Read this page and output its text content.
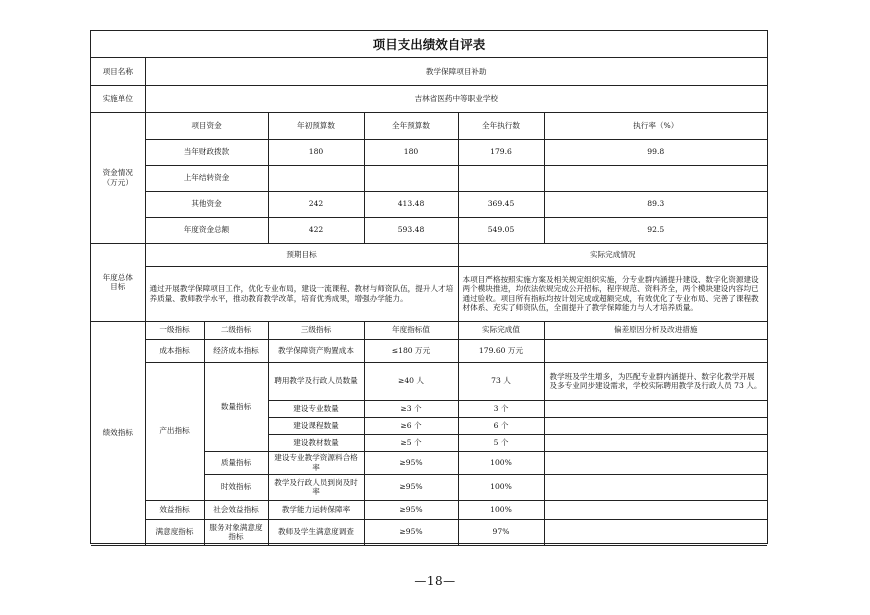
项目支出绩效自评表
项目名称	教学保障项目补助					
实施单位	吉林省医药中等职业学校					
资金情况
（万元）	项目资金		年初预算数	全年预算数	全年执行数	执行率（%）
	当年财政拨款		180	180	179.6	99.8
	上年结转资金					
	其他资金		242	413.48	369.45	89.3
	年度资金总额		422	593.48	549.05	92.5
年度总体
目标	预期目标				实际完成情况	
	通过开展教学保障项目工作，优化专业布局，建设一流课程、教材与师资队伍，提升人才培养质量、教师教学水平，推动教育教学改革，培育优秀成果，增强办学能力。				本项目严格按照实施方案及相关规定组织实施，分专业群内涵提升建设、数字化资源建设两个模块推进，均依法依规完成公开招标，程序规范、资料齐全，两个模块建设内容均已通过验收。项目所有指标均按计划完成或超额完成，有效优化了专业布局、完善了课程教材体系、充实了师资队伍，全面提升了教学保障能力与人才培养质量。	
绩效指标	一级指标	二级指标	三级指标	年度指标值	实际完成值	偏差原因分析及改进措施
	成本指标	经济成本指标	教学保障资产购置成本	≤180 万元	179.60 万元	
	产出指标	数量指标	聘用教学及行政人员数量	≥40 人	73 人	教学班及学生增多，为匹配专业群内涵提升、数字化教学开展及多专业同步建设需求，学校实际聘用教学及行政人员 73 人。
			建设专业数量	≥3 个	3 个	
			建设课程数量	≥6 个	6 个	
			建设教材数量	≥5 个	5 个	
		质量指标	建设专业教学资源料合格率	≥95%	100%	
		时效指标	教学及行政人员到岗及时率	≥95%	100%	
	效益指标	社会效益指标	教学能力运转保障率	≥95%	100%	
	满意度指标	服务对象满意度指标	教师及学生满意度调查	≥95%	97%	
—18—
